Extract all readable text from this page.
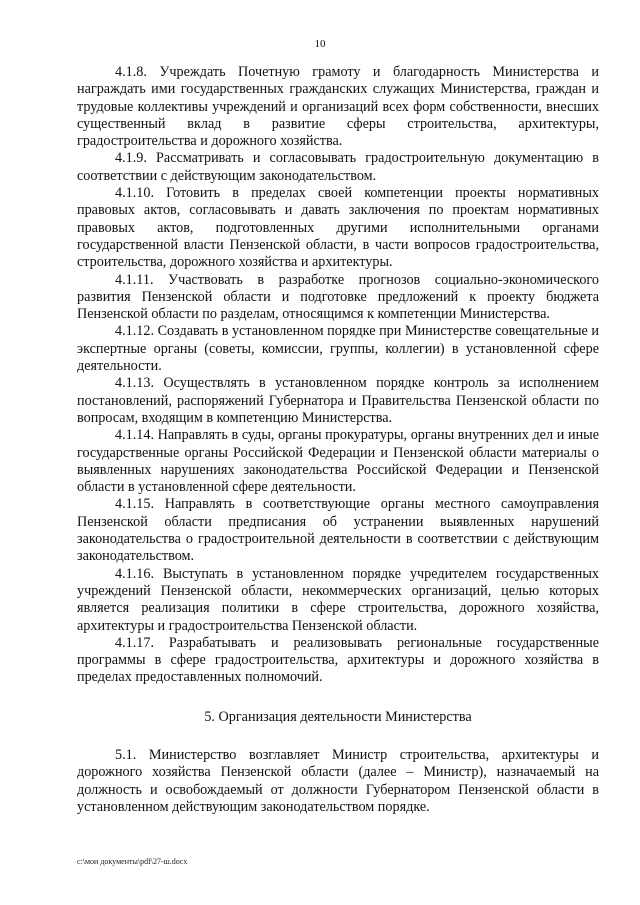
10

4.1.8. Учреждать Почетную грамоту и благодарность Министерства и награждать ими государственных гражданских служащих Министерства, граждан и трудовые коллективы учреждений и организаций всех форм собственности, внесших существенный вклад в развитие сферы строительства, архитектуры, градостроительства и дорожного хозяйства.

4.1.9. Рассматривать и согласовывать градостроительную документацию в соответствии с действующим законодательством.

4.1.10. Готовить в пределах своей компетенции проекты нормативных правовых актов, согласовывать и давать заключения по проектам нормативных правовых актов, подготовленных другими исполнительными органами государственной власти Пензенской области, в части вопросов градостроительства, строительства, дорожного хозяйства и архитектуры.

4.1.11. Участвовать в разработке прогнозов социально-экономического развития Пензенской области и подготовке предложений к проекту бюджета Пензенской области по разделам, относящимся к компетенции Министерства.

4.1.12. Создавать в установленном порядке при Министерстве совещательные и экспертные органы (советы, комиссии, группы, коллегии) в установленной сфере деятельности.

4.1.13. Осуществлять в установленном порядке контроль за исполнением постановлений, распоряжений Губернатора и Правительства Пензенской области по вопросам, входящим в компетенцию Министерства.

4.1.14. Направлять в суды, органы прокуратуры, органы внутренних дел и иные государственные органы Российской Федерации и Пензенской области материалы о выявленных нарушениях законодательства Российской Федерации и Пензенской области в установленной сфере деятельности.

4.1.15. Направлять в соответствующие органы местного самоуправления Пензенской области предписания об устранении выявленных нарушений законодательства о градостроительной деятельности в соответствии с действующим законодательством.

4.1.16. Выступать в установленном порядке учредителем государственных учреждений Пензенской области, некоммерческих организаций, целью которых является реализация политики в сфере строительства, дорожного хозяйства, архитектуры и градостроительства Пензенской области.

4.1.17. Разрабатывать и реализовывать региональные государственные программы в сфере градостроительства, архитектуры и дорожного хозяйства в пределах предоставленных полномочий.

5. Организация деятельности Министерства

5.1. Министерство возглавляет Министр строительства, архитектуры и дорожного хозяйства Пензенской области (далее – Министр), назначаемый на должность и освобождаемый от должности Губернатором Пензенской области в установленном действующим законодательством порядке.

c:\мои документы\pdf\27-ш.docx
